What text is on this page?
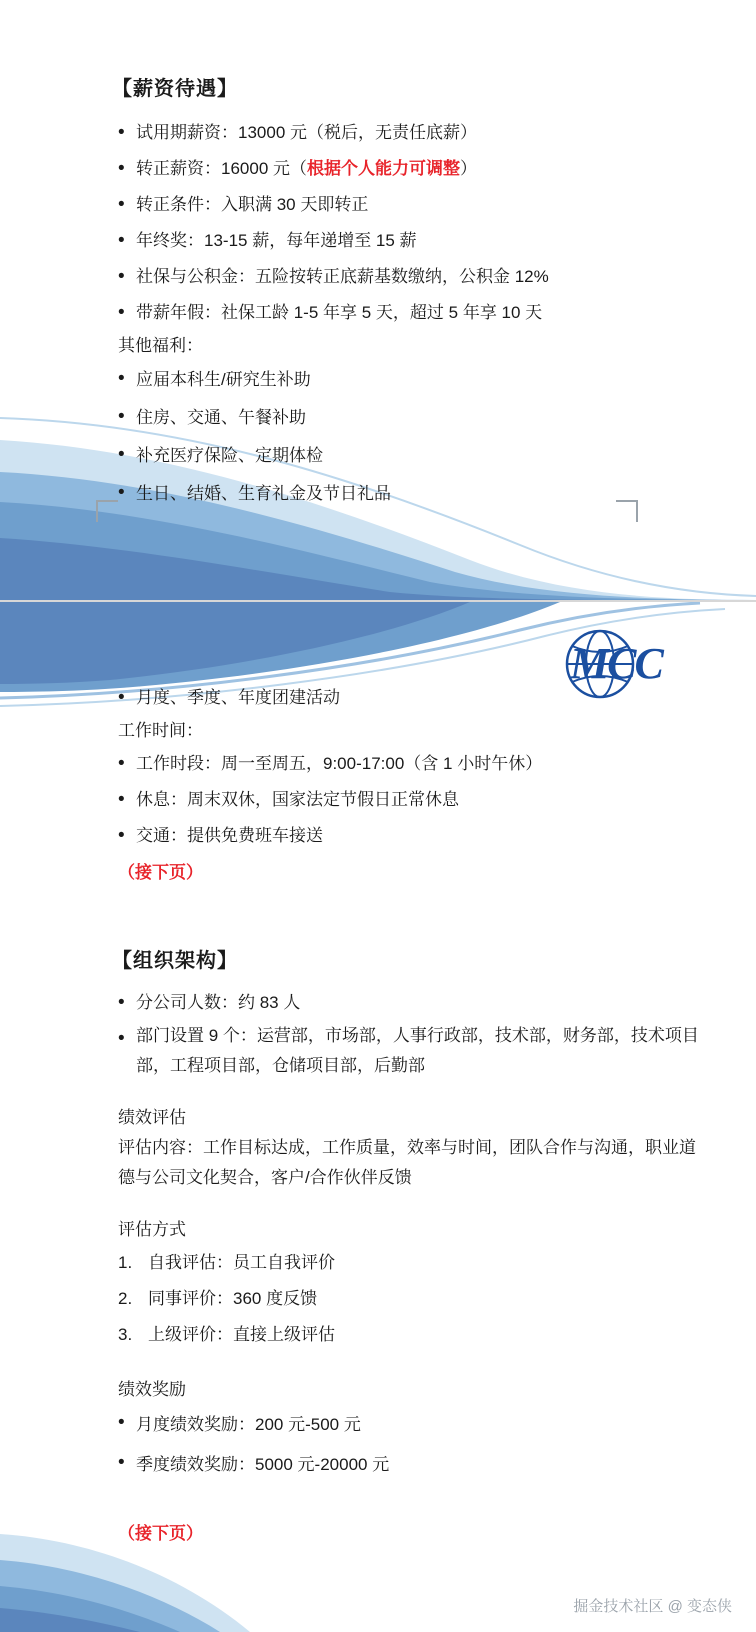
【薪资待遇】
• 试用期薪资：13000 元（税后，无责任底薪）
• 转正薪资：16000 元（根据个人能力可调整）
• 转正条件：入职满 30 天即转正
• 年终奖：13-15 薪，每年递增至 15 薪
• 社保与公积金：五险按转正底薪基数缴纳，公积金 12%
• 带薪年假：社保工龄 1-5 年享 5 天，超过 5 年享 10 天
其他福利：
• 应届本科生/研究生补助
• 住房、交通、午餐补助
• 补充医疗保险、定期体检
• 生日、结婚、生育礼金及节日礼品
MCC
• 月度、季度、年度团建活动
工作时间：
• 工作时段：周一至周五，9:00-17:00（含 1 小时午休）
• 休息：周末双休，国家法定节假日正常休息
• 交通：提供免费班车接送
（接下页）
【组织架构】
• 分公司人数：约 83 人
• 部门设置 9 个：运营部，市场部，人事行政部，技术部，财务部，技术项目部，工程项目部，仓储项目部，后勤部
绩效评估
评估内容：工作目标达成，工作质量，效率与时间，团队合作与沟通，职业道德与公司文化契合，客户/合作伙伴反馈
评估方式
自我评估：员工自我评价
同事评价：360 度反馈
上级评价：直接上级评估
绩效奖励
• 月度绩效奖励：200 元-500 元
• 季度绩效奖励：5000 元-20000 元
（接下页）
掘金技术社区 @ 变态侠
